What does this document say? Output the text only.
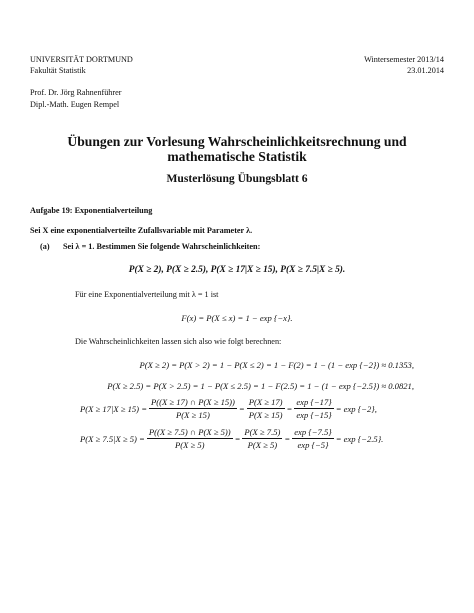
UNIVERSITÄT DORTMUND
Fakultät Statistik
Wintersemester 2013/14
23.01.2014
Prof. Dr. Jörg Rahnenführer
Dipl.-Math. Eugen Rempel
Übungen zur Vorlesung Wahrscheinlichkeitsrechnung und
mathematische Statistik
Musterlösung Übungsblatt 6
Aufgabe 19: Exponentialverteilung
Sei X eine exponentialverteilte Zufallsvariable mit Parameter λ.
(a) Sei λ = 1. Bestimmen Sie folgende Wahrscheinlichkeiten:
P(X ≥ 2), P(X ≥ 2.5), P(X ≥ 17|X ≥ 15), P(X ≥ 7.5|X ≥ 5).
Für eine Exponentialverteilung mit λ = 1 ist
F(x) = P(X ≤ x) = 1 − exp {−x}.
Die Wahrscheinlichkeiten lassen sich also wie folgt berechnen:
P(X ≥ 2) = P(X > 2) = 1 − P(X ≤ 2) = 1 − F(2) = 1 − (1 − exp {−2}) ≈ 0.1353,
P(X ≥ 2.5) = P(X > 2.5) = 1 − P(X ≤ 2.5) = 1 − F(2.5) = 1 − (1 − exp {−2.5}) ≈ 0.0821,
$P(X \ge 17|X \ge 15) = \frac{P((X \ge 17) \cap P(X \ge 15))}{P(X \ge 15)} = \frac{P(X \ge 17)}{P(X \ge 15)} = \frac{\exp \{-17\}}{\exp \{-15\}} = \exp \{-2\}$,
$P(X \ge 7.5|X \ge 5) = \frac{P((X \ge 7.5) \cap P(X \ge 5))}{P(X \ge 5)} = \frac{P(X \ge 7.5)}{P(X \ge 5)} = \frac{\exp \{-7.5\}}{\exp \{-5\}} = \exp \{-2.5\}$.
